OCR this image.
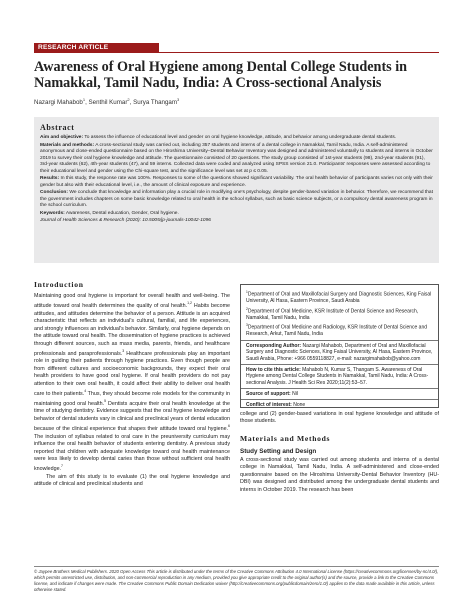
RESEARCH ARTICLE
Awareness of Oral Hygiene among Dental College Students in Namakkal, Tamil Nadu, India: A Cross-sectional Analysis
Nazargi Mahabob$^1$, Senthil Kumar$^2$, Surya Thangam$^3$
Abstract

Aim and objective: To assess the influence of educational level and gender on oral hygiene knowledge, attitude, and behavior among undergraduate dental students.

Materials and methods: A cross-sectional study was carried out, including 357 students and interns of a dental college in Namakkal, Tamil Nadu, India. A self-administered anonymous and close-ended questionnaire based on the Hiroshima University–Dental Behavior Inventory was designed and administered voluntarily to students and interns in October 2019 to survey their oral hygiene knowledge and attitude. The questionnaire consisted of 20 questions. The study group consisted of 1st-year students (98), 2nd-year students (91), 3rd-year students (62), 4th-year students (47), and 59 interns. Collected data were coded and analyzed using SPSS version 21.0. Participants' responses were assessed according to their educational level and gender using the Chi-square test, and the significance level was set at p ≤ 0.05.

Results: In this study, the response rate was 100%. Responses to some of the questions showed significant variability. The oral health behavior of participants varies not only with their gender but also with their educational level, i.e., the amount of clinical exposure and experience.

Conclusion: We conclude that knowledge and information play a crucial role in modifying one's psychology, despite gender-based variation in behavior. Therefore, we recommend that the government includes chapters on some basic knowledge related to oral health in the school syllabus, such as basic science subjects, or a compulsory dental awareness program in the school curriculum.

Keywords: Awareness, Dental education, Gender, Oral hygiene.

Journal of Health Sciences & Research (2020): 10.5005/jp-journals-10042-1096

Introduction

Maintaining good oral hygiene is important for overall health and well-being. The attitude toward oral health determines the quality of oral health.$^{1,2}$ Habits become attitudes, and attitudes determine the behavior of a person. Attitude is an acquired characteristic that reflects an individual's cultural, familial, and life experiences, and strongly influences an individual's behavior. Similarly, oral hygiene depends on the attitude toward oral health. The dissemination of hygiene practices is achieved through different sources, such as mass media, parents, friends, and healthcare professionals and paraprofessionals.$^3$ Healthcare professionals play an important role in guiding their patients through hygiene practices. Even though people are from different cultures and socioeconomic backgrounds, they expect their oral health providers to have good oral hygiene. If oral health providers do not pay attention to their own oral health, it could affect their ability to deliver oral health care to their patients.$^4$ Thus, they should become role models for the community in maintaining good oral health.$^5$ Dentists acquire their oral health knowledge at the time of studying dentistry. Evidence suggests that the oral hygiene knowledge and behavior of dental students vary in clinical and preclinical years of dental education because of the clinical experience that shapes their attitude toward oral hygiene.$^6$ The inclusion of syllabus related to oral care in the preuniversity curriculum may influence the oral health behavior of students entering dentistry. A previous study reported that children with adequate knowledge toward oral health maintenance were less likely to develop dental caries than those without sufficient oral health knowledge.$^7$

The aim of this study is to evaluate (1) the oral hygiene knowledge and attitude of clinical and preclinical students and

$^1$Department of Oral and Maxillofacial Surgery and Diagnostic Sciences, King Faisal University, Al Hasa, Eastern Province, Saudi Arabia

$^2$Department of Oral Medicine, KSR Institute of Dental Science and Research, Namakkal, Tamil Nadu, India

$^3$Department of Oral Medicine and Radiology, KSR Institute of Dental Science and Research, Arkut, Tamil Nadu, India

Corresponding Author: Nazargi Mahabob, Department of Oral and Maxillofacial Surgery and Diagnostic Sciences, King Faisal University, Al Hasa, Eastern Province, Saudi Arabia, Phone: +966 0559118827, e-mail: nazargimahabob@yahoo.com

How to cite this article: Mahabob N, Kumar S, Thangam S. Awareness of Oral Hygiene among Dental College Students in Namakkal, Tamil Nadu, India: A Cross-sectional Analysis. J Health Sci Res 2020;11(2):53–57.

Source of support: Nil

Conflict of interest: None

college and (2) gender-based variations in oral hygiene knowledge and attitude of those students.

Materials and Methods
Study Setting and Design

A cross-sectional study was carried out among students and interns of a dental college in Namakkal, Tamil Nadu, India. A self-administered and close-ended questionnaire based on the Hiroshima University-Dental Behavior Inventory (HU-DBI) was designed and distributed among the undergraduate dental students and interns in October 2019. The research has been

© Jaypee Brothers Medical Publishers. 2020 Open Access This article is distributed under the terms of the Creative Commons Attribution 4.0 International License (https://creativecommons.org/licenses/by-nc/4.0/), which permits unrestricted use, distribution, and non-commercial reproduction in any medium, provided you give appropriate credit to the original author(s) and the source, provide a link to the Creative Commons license, and indicate if changes were made. The Creative Commons Public Domain Dedication waiver (http://creativecommons.org/publicdomain/zero/1.0/) applies to the data made available in this article, unless otherwise stated.
